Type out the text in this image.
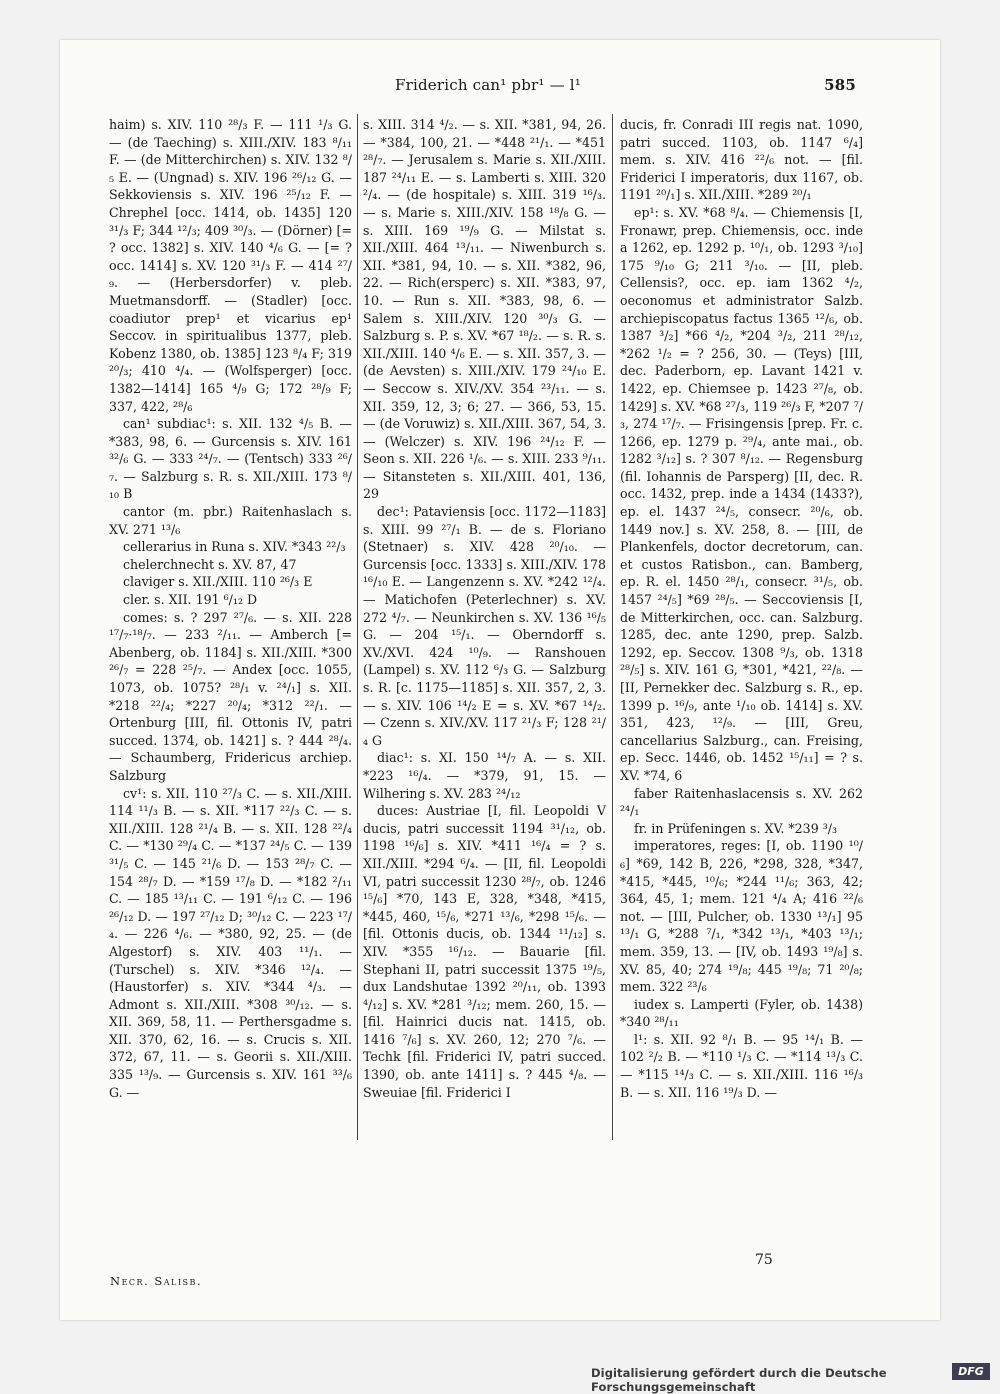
Friderich can¹ pbr¹ — l¹	585

haim) s. XIV. 110 ²⁸/₃ F. — 111 ¹/₃ G. — (de Taeching) s. XIII./XIV. 183 ⁸/₁₁ F. — (de Mitterchirchen) s. XIV. 132 ⁸/₅ E. — (Ungnad) s. XIV. 196 ²⁶/₁₂ G. — Sekkoviensis s. XIV. 196 ²⁵/₁₂ F. — Chrephel [occ. 1414, ob. 1435] 120 ³¹/₃ F; 344 ¹²/₃; 409 ³⁰/₃. — (Dörner) [= ? occ. 1382] s. XIV. 140 ⁴/₆ G. — [= ? occ. 1414] s. XV. 120 ³¹/₃ F. — 414 ²⁷/₉. — (Herbersdorfer) v. pleb. Muetmansdorff. — (Stadler) [occ. coadiutor prep¹ et vicarius ep¹ Seccov. in spiritualibus 1377, pleb. Kobenz 1380, ob. 1385] 123 ⁸/₄ F; 319 ²⁰/₃; 410 ⁴/₄. — (Wolfsperger) [occ. 1382—1414] 165 ⁴/₉ G; 172 ²⁸/₉ F; 337, 422, ²⁸/₆

can¹ subdiac¹: s. XII. 132 ⁴/₅ B. — *383, 98, 6. — Gurcensis s. XIV. 161 ³²/₆ G. — 333 ²⁴/₇. — (Tentsch) 333 ²⁶/₇. — Salzburg s. R. s. XII./XIII. 173 ⁸/₁₀ B

cantor (m. pbr.) Raitenhaslach s. XV. 271 ¹³/₆

cellerarius in Runa s. XIV. *343 ²²/₃

chelerchnecht s. XV. 87, 47

claviger s. XII./XIII. 110 ²⁶/₃ E

cler. s. XII. 191 ⁶/₁₂ D

comes: s. ? 297 ²⁷/₆. — s. XII. 228 ¹⁷/₇·¹⁸/₇. — 233 ²/₁₁. — Amberch [= Abenberg, ob. 1184] s. XII./XIII. *300 ²⁶/₇ = 228 ²⁵/₇. — Andex [occ. 1055, 1073, ob. 1075? ²⁸/₁ v. ²⁴/₁] s. XII. *218 ²²/₄; *227 ²⁰/₄; *312 ²²/₁. — Ortenburg [III, fil. Ottonis IV, patri succed. 1374, ob. 1421] s. ? 444 ²⁸/₄. — Schaumberg, Fridericus archiep. Salzburg

cv¹: s. XII. 110 ²⁷/₃ C. — s. XII./XIII. 114 ¹¹/₃ B. — s. XII. *117 ²²/₃ C. — s. XII./XIII. 128 ²¹/₄ B. — s. XII. 128 ²²/₄ C. — *130 ²⁹/₄ C. — *137 ²⁴/₅ C. — 139 ³¹/₅ C. — 145 ²¹/₆ D. — 153 ²⁸/₇ C. — 154 ²⁸/₇ D. — *159 ¹⁷/₈ D. — *182 ²/₁₁ C. — 185 ¹³/₁₁ C. — 191 ⁶/₁₂ C. — 196 ²⁶/₁₂ D. — 197 ²⁷/₁₂ D; ³⁰/₁₂ C. — 223 ¹⁷/₄. — 226 ⁴/₆. — *380, 92, 25. — (de Algestorf) s. XIV. 403 ¹¹/₁. — (Turschel) s. XIV. *346 ¹²/₄. — (Haustorfer) s. XIV. *344 ⁴/₃. — Admont s. XII./XIII. *308 ³⁰/₁₂. — s. XII. 369, 58, 11. — Perthersgadme s. XII. 370, 62, 16. — s. Crucis s. XII. 372, 67, 11. — s. Georii s. XII./XIII. 335 ¹³/₉. — Gurcensis s. XIV. 161 ³³/₆ G. —

s. XIII. 314 ⁴/₂. — s. XII. *381, 94, 26. — *384, 100, 21. — *448 ²¹/₁. — *451 ²⁸/₇. — Jerusalem s. Marie s. XII./XIII. 187 ²⁴/₁₁ E. — s. Lamberti s. XIII. 320 ²/₄. — (de hospitale) s. XIII. 319 ¹⁶/₃. — s. Marie s. XIII./XIV. 158 ¹⁸/₈ G. — s. XIII. 169 ¹⁹/₉ G. — Milstat s. XII./XIII. 464 ¹³/₁₁. — Niwenburch s. XII. *381, 94, 10. — s. XII. *382, 96, 22. — Rich(ersperc) s. XII. *383, 97, 10. — Run s. XII. *383, 98, 6. — Salem s. XIII./XIV. 120 ³⁰/₃ G. — Salzburg s. P. s. XV. *67 ¹⁸/₂. — s. R. s. XII./XIII. 140 ⁴/₆ E. — s. XII. 357, 3. — (de Aevsten) s. XIII./XIV. 179 ²⁴/₁₀ E. — Seccow s. XIV./XV. 354 ²³/₁₁. — s. XII. 359, 12, 3; 6; 27. — 366, 53, 15. — (de Voruwiz) s. XII./XIII. 367, 54, 3. — (Welczer) s. XIV. 196 ²⁴/₁₂ F. — Seon s. XII. 226 ¹/₆. — s. XIII. 233 ⁹/₁₁. — Sitansteten s. XII./XIII. 401, 136, 29

dec¹: Pataviensis [occ. 1172—1183] s. XIII. 99 ²⁷/₁ B. — de s. Floriano (Stetnaer) s. XIV. 428 ²⁰/₁₀. — Gurcensis [occ. 1333] s. XIII./XIV. 178 ¹⁶/₁₀ E. — Langenzenn s. XV. *242 ¹²/₄. — Matichofen (Peterlechner) s. XV. 272 ⁴/₇. — Neunkirchen s. XV. 136 ¹⁶/₅ G. — 204 ¹⁵/₁. — Oberndorff s. XV./XVI. 424 ¹⁰/₉. — Ranshouen (Lampel) s. XV. 112 ⁶/₃ G. — Salzburg s. R. [c. 1175—1185] s. XII. 357, 2, 3. — s. XIV. 106 ¹⁴/₂ E = s. XV. *67 ¹⁴/₂. — Czenn s. XIV./XV. 117 ²¹/₃ F; 128 ²¹/₄ G

diac¹: s. XI. 150 ¹⁴/₇ A. — s. XII. *223 ¹⁶/₄. — *379, 91, 15. — Wilhering s. XV. 283 ²⁴/₁₂

duces: Austriae [I, fil. Leopoldi V ducis, patri successit 1194 ³¹/₁₂, ob. 1198 ¹⁶/₆] s. XIV. *411 ¹⁶/₄ = ? s. XII./XIII. *294 ⁶/₄. — [II, fil. Leopoldi VI, patri successit 1230 ²⁸/₇, ob. 1246 ¹⁵/₆] *70, 143 E, 328, *348, *415, *445, 460, ¹⁵/₆, *271 ¹³/₆, *298 ¹⁵/₆. — [fil. Ottonis ducis, ob. 1344 ¹¹/₁₂] s. XIV. *355 ¹⁶/₁₂. — Bauarie [fil. Stephani II, patri successit 1375 ¹⁹/₅, dux Landshutae 1392 ²⁰/₁₁, ob. 1393 ⁴/₁₂] s. XV. *281 ³/₁₂; mem. 260, 15. — [fil. Hainrici ducis nat. 1415, ob. 1416 ⁷/₆] s. XV. 260, 12; 270 ⁷/₆. — Techk [fil. Friderici IV, patri succed. 1390, ob. ante 1411] s. ? 445 ⁴/₈. — Sweuiae [fil. Friderici I

ducis, fr. Conradi III regis nat. 1090, patri succed. 1103, ob. 1147 ⁶/₄] mem. s. XIV. 416 ²²/₆ not. — [fil. Friderici I imperatoris, dux 1167, ob. 1191 ²⁰/₁] s. XII./XIII. *289 ²⁰/₁

ep¹: s. XV. *68 ⁸/₄. — Chiemensis [I, Fronawr, prep. Chiemensis, occ. inde a 1262, ep. 1292 p. ¹⁰/₁, ob. 1293 ³/₁₀] 175 ⁹/₁₀ G; 211 ³/₁₀. — [II, pleb. Cellensis?, occ. ep. iam 1362 ⁴/₂, oeconomus et administrator Salzb. archiepiscopatus factus 1365 ¹²/₆, ob. 1387 ³/₂] *66 ⁴/₂, *204 ³/₂, 211 ²⁸/₁₂, *262 ¹/₂ = ? 256, 30. — (Teys) [III, dec. Paderborn, ep. Lavant 1421 v. 1422, ep. Chiemsee p. 1423 ²⁷/₈, ob. 1429] s. XV. *68 ²⁷/₃, 119 ²⁶/₃ F, *207 ⁷/₃, 274 ¹⁷/₇. — Frisingensis [prep. Fr. c. 1266, ep. 1279 p. ²⁹/₄, ante mai., ob. 1282 ³/₁₂] s. ? 307 ⁸/₁₂. — Regensburg (fil. Iohannis de Parsperg) [II, dec. R. occ. 1432, prep. inde a 1434 (1433?), ep. el. 1437 ²⁴/₅, consecr. ²⁰/₆, ob. 1449 nov.] s. XV. 258, 8. — [III, de Plankenfels, doctor decretorum, can. et custos Ratisbon., can. Bamberg, ep. R. el. 1450 ²⁸/₁, consecr. ³¹/₅, ob. 1457 ²⁴/₅] *69 ²⁸/₅. — Seccoviensis [I, de Mitterkirchen, occ. can. Salzburg. 1285, dec. ante 1290, prep. Salzb. 1292, ep. Seccov. 1308 ⁹/₃, ob. 1318 ²⁸/₅] s. XIV. 161 G, *301, *421, ²²/₈. — [II, Pernekker dec. Salzburg s. R., ep. 1399 p. ¹⁶/₉, ante ¹/₁₀ ob. 1414] s. XV. 351, 423, ¹²/₉. — [III, Greu, cancellarius Salzburg., can. Freising, ep. Secc. 1446, ob. 1452 ¹⁵/₁₁] = ? s. XV. *74, 6

faber Raitenhaslacensis s. XV. 262 ²⁴/₁

fr. in Prüfeningen s. XV. *239 ³/₃

imperatores, reges: [I, ob. 1190 ¹⁰/₆] *69, 142 B, 226, *298, 328, *347, *415, *445, ¹⁰/₆; *244 ¹¹/₆; 363, 42; 364, 45, 1; mem. 121 ⁴/₄ A; 416 ²²/₆ not. — [III, Pulcher, ob. 1330 ¹³/₁] 95 ¹³/₁ G, *288 ⁷/₁, *342 ¹³/₁, *403 ¹³/₁; mem. 359, 13. — [IV, ob. 1493 ¹⁹/₈] s. XV. 85, 40; 274 ¹⁹/₈; 445 ¹⁹/₈; 71 ²⁰/₈; mem. 322 ²³/₆

iudex s. Lamperti (Fyler, ob. 1438) *340 ²⁸/₁₁

l¹: s. XII. 92 ⁸/₁ B. — 95 ¹⁴/₁ B. — 102 ²/₂ B. — *110 ¹/₃ C. — *114 ¹³/₃ C. — *115 ¹⁴/₃ C. — s. XII./XIII. 116 ¹⁶/₃ B. — s. XII. 116 ¹⁹/₃ D. —

75
Necr. Salisb.
Digitalisierung gefördert durch die Deutsche Forschungsgemeinschaft
DFG
